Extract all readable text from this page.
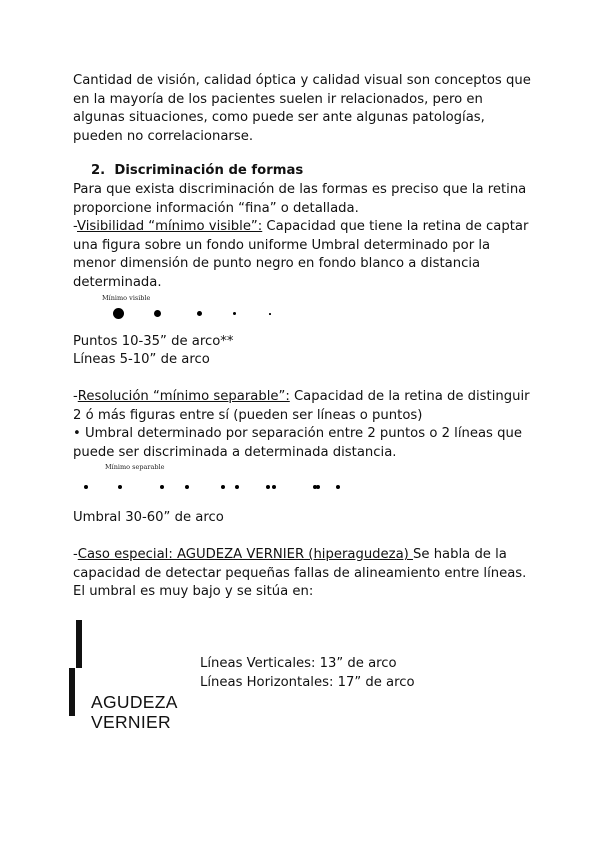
Cantidad de visión, calidad óptica y calidad visual son conceptos que en la mayoría de los pacientes suelen ir relacionados, pero en algunas situaciones, como puede ser ante algunas patologías, pueden no correlacionarse.

2. Discriminación de formas

Para que exista discriminación de las formas es preciso que la retina proporcione información “fina” o detallada.

-Visibilidad “mínimo visible”: Capacidad que tiene la retina de captar una figura sobre un fondo uniforme Umbral determinado por la menor dimensión de punto negro en fondo blanco a distancia determinada.

Mínimo visible

Puntos 10-35” de arco**

Líneas 5-10” de arco

-Resolución “mínimo separable”: Capacidad de la retina de distinguir 2 ó más figuras entre sí (pueden ser líneas o puntos)

• Umbral determinado por separación entre 2 puntos o 2 líneas que puede ser discriminada a determinada distancia.

Mínimo separable

Umbral 30-60” de arco

-Caso especial: AGUDEZA VERNIER (hiperagudeza) Se habla de la capacidad de detectar pequeñas fallas de alineamiento entre líneas. El umbral es muy bajo y se sitúa en:

AGUDEZA
VERNIER
Líneas Verticales: 13” de arco
Líneas Horizontales: 17” de arco
